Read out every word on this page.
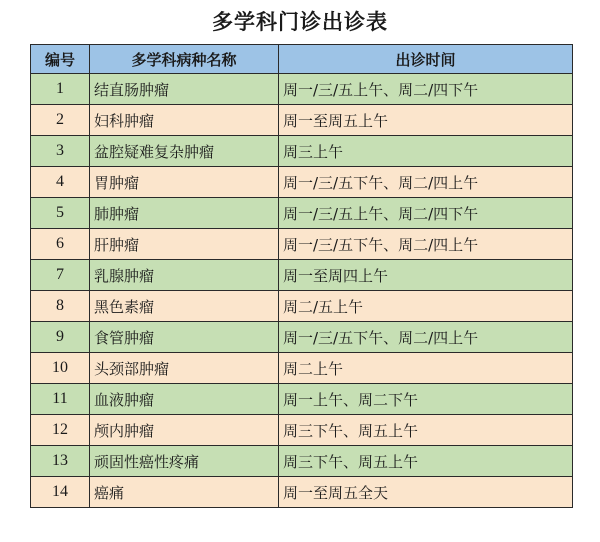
多学科门诊出诊表
编号	多学科病种名称	出诊时间
1	结直肠肿瘤	周一/三/五上午、周二/四下午
2	妇科肿瘤	周一至周五上午
3	盆腔疑难复杂肿瘤	周三上午
4	胃肿瘤	周一/三/五下午、周二/四上午
5	肺肿瘤	周一/三/五上午、周二/四下午
6	肝肿瘤	周一/三/五下午、周二/四上午
7	乳腺肿瘤	周一至周四上午
8	黑色素瘤	周二/五上午
9	食管肿瘤	周一/三/五下午、周二/四上午
10	头颈部肿瘤	周二上午
11	血液肿瘤	周一上午、周二下午
12	颅内肿瘤	周三下午、周五上午
13	顽固性癌性疼痛	周三下午、周五上午
14	癌痛	周一至周五全天
